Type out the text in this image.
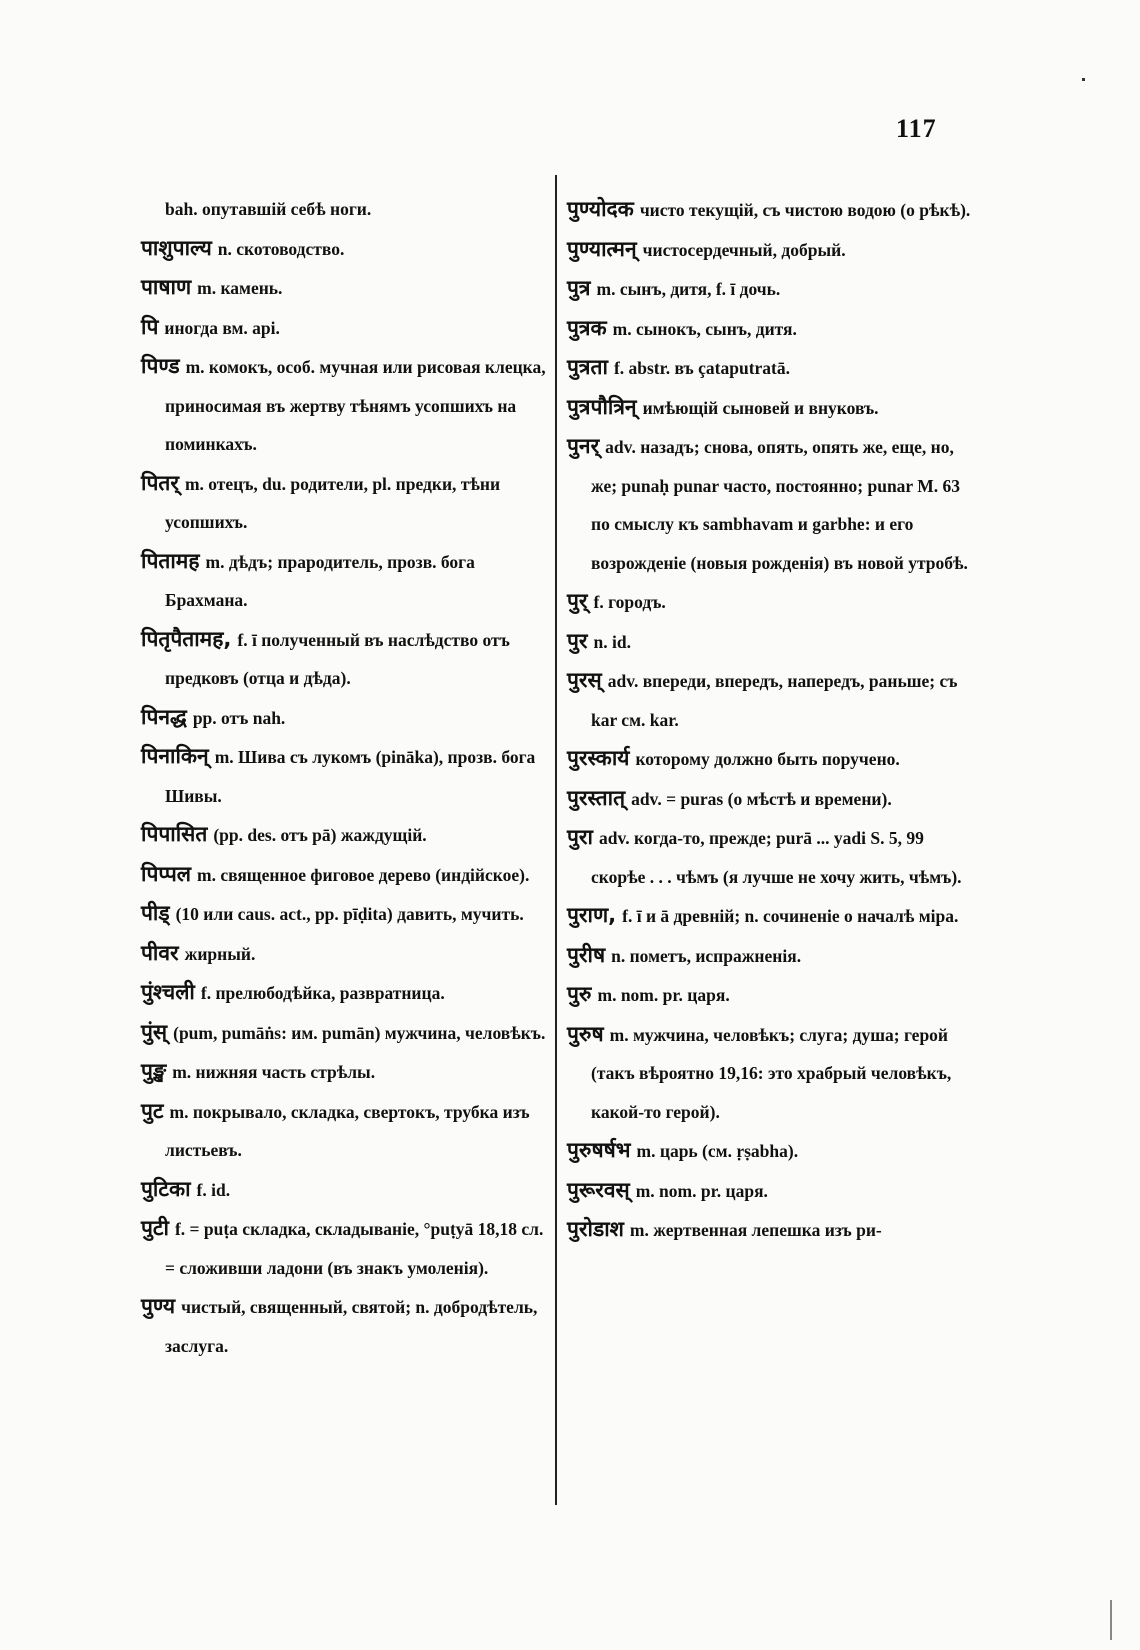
117

bah. опутавшій себѣ ноги.

पाशुपाल्य n. скотоводство.

पाषाण m. камень.

पि иногда вм. api.

पिण्ड m. комокъ, особ. мучная или рисовая клецка, приносимая въ жертву тѣнямъ усопшихъ на поминкахъ.

पितर् m. отецъ, du. родители, pl. предки, тѣни усопшихъ.

पितामह m. дѣдъ; прародитель, прозв. бога Брахмана.

पितृपैतामह, f. ī полученный въ наслѣдство отъ предковъ (отца и дѣда).

पिनद्ध pp. отъ nah.

पिनाकिन् m. Шива съ лукомъ (pināka), прозв. бога Шивы.

पिपासित (pp. des. отъ pā) жаждущій.

पिप्पल m. священное фиговое дерево (индійское).

पीड् (10 или caus. act., pp. pīḍita) давить, мучить.

पीवर жирный.

पुंश्चली f. прелюбодѣйка, развратница.

पुंस् (pum, pumāṅs: им. pumān) мужчина, человѣкъ.

पुङ्ख m. нижняя часть стрѣлы.

पुट m. покрывало, складка, свертокъ, трубка изъ листьевъ.

पुटिका f. id.

पुटी f. = puṭa складка, складываніе, °puṭyā 18,18 сл. = сложивши ладони (въ знакъ умоленія).

पुण्य чистый, священный, святой; n. добродѣтель, заслуга.

पुण्योदक чисто текущій, съ чистою водою (о рѣкѣ).

पुण्यात्मन् чистосердечный, добрый.

पुत्र m. сынъ, дитя, f. ī дочь.

पुत्रक m. сынокъ, сынъ, дитя.

पुत्रता f. abstr. въ çataputratā.

पुत्रपौत्रिन् имѣющій сыновей и внуковъ.

पुनर् adv. назадъ; снова, опять, опять же, еще, но, же; punaḥ punar часто, постоянно; punar M. 63 по смыслу къ sambhavam и garbhe: и его возрожденіе (новыя рожденія) въ новой утробѣ.

पुर् f. городъ.

पुर n. id.

पुरस् adv. впереди, впередъ, напередъ, раньше; съ kar см. kar.

पुरस्कार्य которому должно быть поручено.

पुरस्तात् adv. = puras (о мѣстѣ и времени).

पुरा adv. когда-то, прежде; purā ... yadi S. 5, 99 скорѣе . . . чѣмъ (я лучше не хочу жить, чѣмъ).

पुराण, f. ī и ā древній; n. сочиненіе о началѣ міра.

पुरीष n. пометъ, испражненія.

पुरु m. nom. pr. царя.

पुरुष m. мужчина, человѣкъ; слуга; душа; герой (такъ вѣроятно 19,16: это храбрый человѣкъ, какой-то герой).

पुरुषर्षभ m. царь (см. ṛṣabha).

पुरूरवस् m. nom. pr. царя.

पुरोडाश m. жертвенная лепешка изъ ри-
